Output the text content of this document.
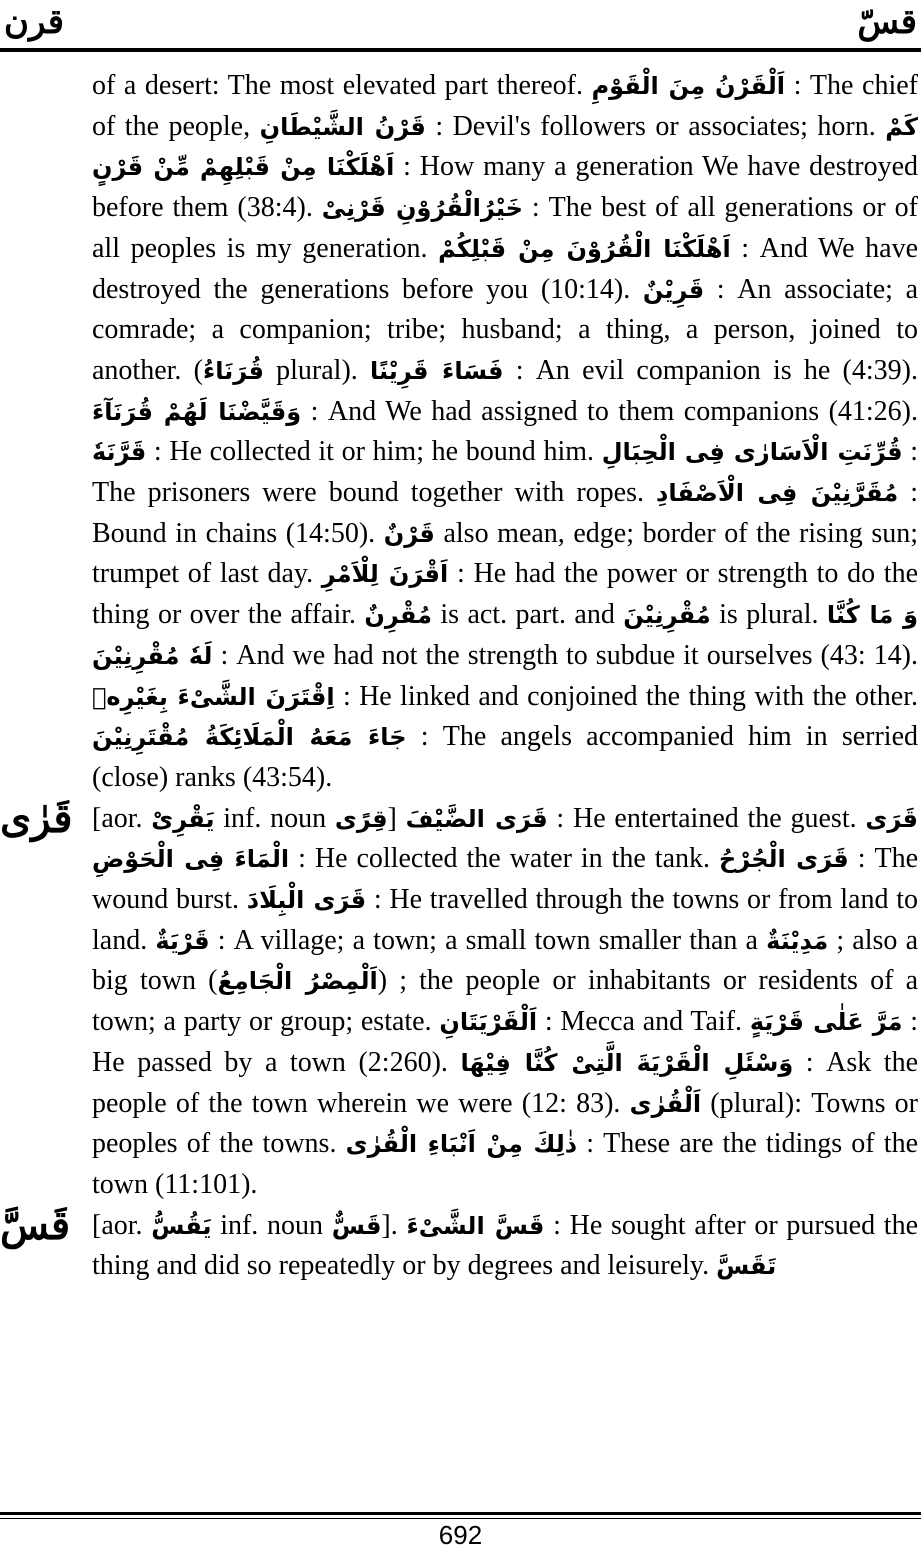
قرن	قسّ

of a desert: The most elevated part thereof. اَلْقَرْنُ مِنَ الْقَوْمِ : The chief of the people, قَرْنُ الشَّيْطَانِ : Devil's followers or associates; horn. كَمْ اَهْلَكْنَا مِنْ قَبْلِهِمْ مِّنْ قَرْنٍ : How many a generation We have destroyed before them (38:4). خَيْرُالْقُرُوْنِ قَرْنِیْ : The best of all generations or of all peoples is my generation. اَهْلَكْنَا الْقُرُوْنَ مِنْ قَبْلِكُمْ : And We have destroyed the generations before you (10:14). قَرِيْنٌ : An associate; a comrade; a companion; tribe; husband; a thing, a person, joined to another. (قُرَنَاءُ plural). فَسَاءَ قَرِيْنًا : An evil companion is he (4:39). وَقَيَّضْنَا لَهُمْ قُرَنَآءَ : And We had assigned to them companions (41:26). قَرَّنَهٗ : He collected it or him; he bound him. قُرِّنَتِ الْاَسَارٰی فِی الْحِبَالِ : The prisoners were bound together with ropes. مُقَرَّنِيْنَ فِی الْاَصْفَادِ : Bound in chains (14:50). قَرْنٌ also mean, edge; border of the rising sun; trumpet of last day. اَقْرَنَ لِلْاَمْرِ : He had the power or strength to do the thing or over the affair. مُقْرِنٌ is act. part. and مُقْرِنِيْنَ is plural. وَ مَا كُنَّا لَهٗ مُقْرِنِيْنَ : And we had not the strength to subdue it ourselves (43: 14). اِقْتَرَنَ الشَّیْءَ بِغَيْرِهٖ : He linked and conjoined the thing with the other. جَاءَ مَعَهُ الْمَلَائِكَةُ مُقْتَرِنِيْنَ : The angels accompanied him in serried (close) ranks (43:54).

قَرٰی [aor. يَقْرِیْ inf. noun قِرًی] قَرَی الضَّيْفَ : He entertained the guest. قَرَی الْمَاءَ فِی الْحَوْضِ : He collected the water in the tank. قَرَی الْجُرْحُ : The wound burst. قَرَی الْبِلَادَ : He travelled through the towns or from land to land. قَرْيَةٌ : A village; a town; a small town smaller than a مَدِيْنَةٌ ; also a big town (اَلْمِصْرُ الْجَامِعُ) ; the people or inhabitants or residents of a town; a party or group; estate. اَلْقَرْيَتَانِ : Mecca and Taif. مَرَّ عَلٰی قَرْيَةٍ : He passed by a town (2:260). وَسْئَلِ الْقَرْيَةَ الَّتِیْ كُنَّا فِيْهَا : Ask the people of the town wherein we were (12: 83). اَلْقُرٰی (plural): Towns or peoples of the towns. ذٰلِكَ مِنْ اَنْبَاءِ الْقُرٰی : These are the tidings of the town (11:101).

قَسَّ [aor. يَقُسُّ inf. noun قَسٌّ]. قَسَّ الشَّیْءَ : He sought after or pursued the thing and did so repeatedly or by degrees and leisurely. تَقَسَّ

692
